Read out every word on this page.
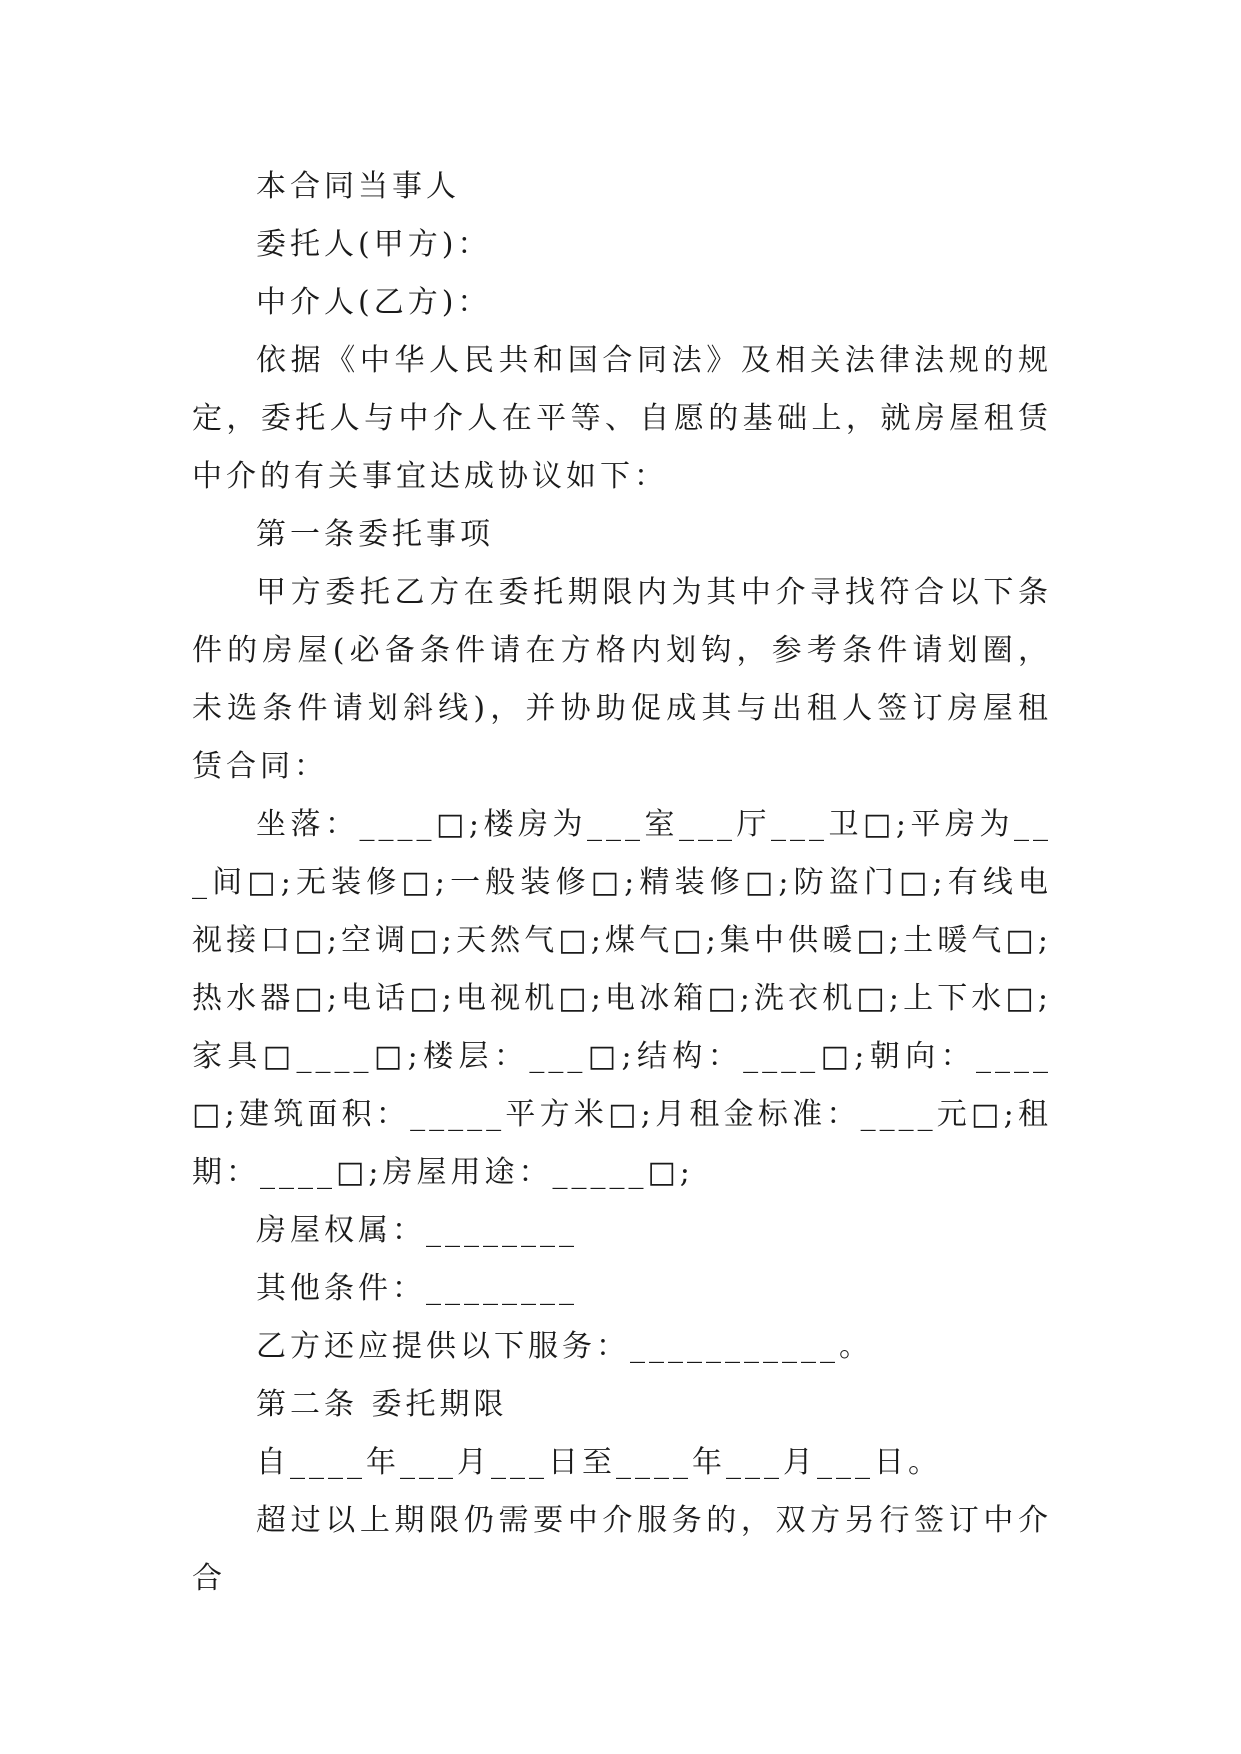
本合同当事人

委托人(甲方)：

中介人(乙方)：

依据《中华人民共和国合同法》及相关法律法规的规定，委托人与中介人在平等、自愿的基础上，就房屋租赁中介的有关事宜达成协议如下：

第一条委托事项

甲方委托乙方在委托期限内为其中介寻找符合以下条件的房屋(必备条件请在方格内划钩，参考条件请划圈，未选条件请划斜线)，并协助促成其与出租人签订房屋租赁合同：

坐落：____□;楼房为___室___厅___卫□;平房为___间□;无装修□;一般装修□;精装修□;防盗门□;有线电视接口□;空调□;天然气□;煤气□;集中供暖□;土暖气□;热水器□;电话□;电视机□;电冰箱□;洗衣机□;上下水□;家具□____□;楼层：___□;结构：____□;朝向：____□;建筑面积：_____平方米□;月租金标准：____元□;租期：____□;房屋用途：_____□;

房屋权属：________

其他条件：________

乙方还应提供以下服务：___________。

第二条 委托期限

自____年___月___日至____年___月___日。

超过以上期限仍需要中介服务的，双方另行签订中介合
